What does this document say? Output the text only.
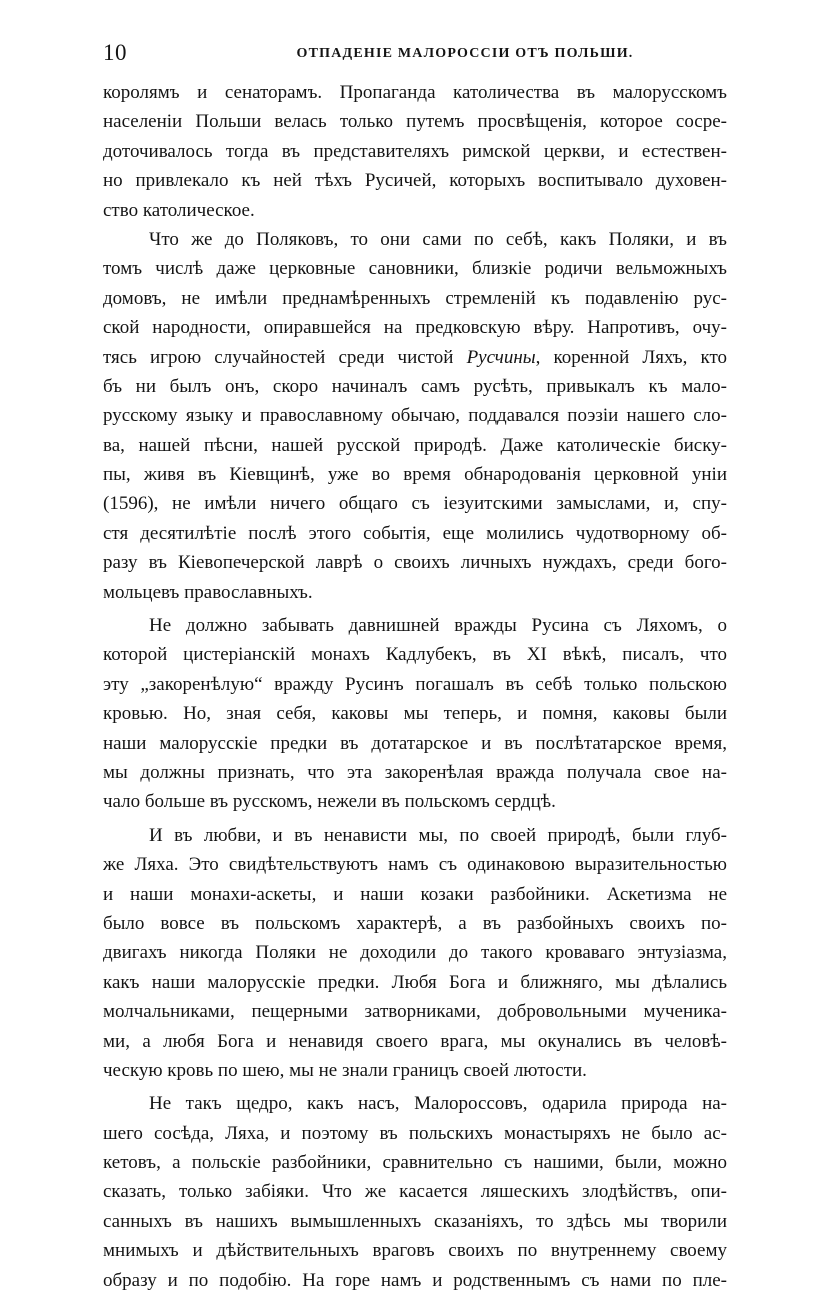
10	ОТПАДЕНІЕ МАЛОРОССІИ ОТЪ ПОЛЬШИ.
королямъ и сенаторамъ. Пропаганда католичества въ малорусскомъ
населеніи Польши велась только путемъ просвѣщенія, которое сосре-
доточивалось тогда въ представителяхъ римской церкви, и естествен-
но привлекало къ ней тѣхъ Русичей, которыхъ воспитывало духовен-
ство католическое.
Что же до Поляковъ, то они сами по себѣ, какъ Поляки, и въ
томъ числѣ даже церковные сановники, близкіе родичи вельможныхъ
домовъ, не имѣли преднамѣренныхъ стремленій къ подавленію рус-
ской народности, опиравшейся на предковскую вѣру. Напротивъ, очу-
тясь игрою случайностей среди чистой Русчины, коренной Ляхъ, кто
бъ ни былъ онъ, скоро начиналъ самъ русѣть, привыкалъ къ мало-
русскому языку и православному обычаю, поддавался поэзіи нашего сло-
ва, нашей пѣсни, нашей русской природѣ. Даже католическіе биску-
пы, живя въ Кіевщинѣ, уже во время обнародованія церковной уніи
(1596), не имѣли ничего общаго съ іезуитскими замыслами, и, спу-
стя десятилѣтіе послѣ этого событія, еще молились чудотворному об-
разу въ Кіевопечерской лаврѣ о своихъ личныхъ нуждахъ, среди бого-
мольцевъ православныхъ.
Не должно забывать давнишней вражды Русина съ Ляхомъ, о
которой цистеріанскій монахъ Кадлубекъ, въ XI вѣкѣ, писалъ, что
эту „закоренѣлую“ вражду Русинъ погашалъ въ себѣ только польскою
кровью. Но, зная себя, каковы мы теперь, и помня, каковы были
наши малорусскіе предки въ дотатарское и въ послѣтатарское время,
мы должны признать, что эта закоренѣлая вражда получала свое на-
чало больше въ русскомъ, нежели въ польскомъ сердцѣ.
И въ любви, и въ ненависти мы, по своей природѣ, были глуб-
же Ляха. Это свидѣтельствуютъ намъ съ одинаковою выразительностью
и наши монахи-аскеты, и наши козаки разбойники. Аскетизма не
было вовсе въ польскомъ характерѣ, а въ разбойныхъ своихъ по-
двигахъ никогда Поляки не доходили до такого кроваваго энтузіазма,
какъ наши малорусскіе предки. Любя Бога и ближняго, мы дѣлались
молчальниками, пещерными затворниками, добровольными мученика-
ми, а любя Бога и ненавидя своего врага, мы окунались въ человѣ-
ческую кровь по шею, мы не знали границъ своей лютости.
Не такъ щедро, какъ насъ, Малороссовъ, одарила природа на-
шего сосѣда, Ляха, и поэтому въ польскихъ монастыряхъ не было ас-
кетовъ, а польскіе разбойники, сравнительно съ нашими, были, можно
сказать, только забіяки. Что же касается ляшескихъ злодѣйствъ, опи-
санныхъ въ нашихъ вымышленныхъ сказаніяхъ, то здѣсь мы творили
мнимыхъ и дѣйствительныхъ враговъ своихъ по внутреннему своему
образу и по подобію. На горе намъ и родственнымъ съ нами по пле-
